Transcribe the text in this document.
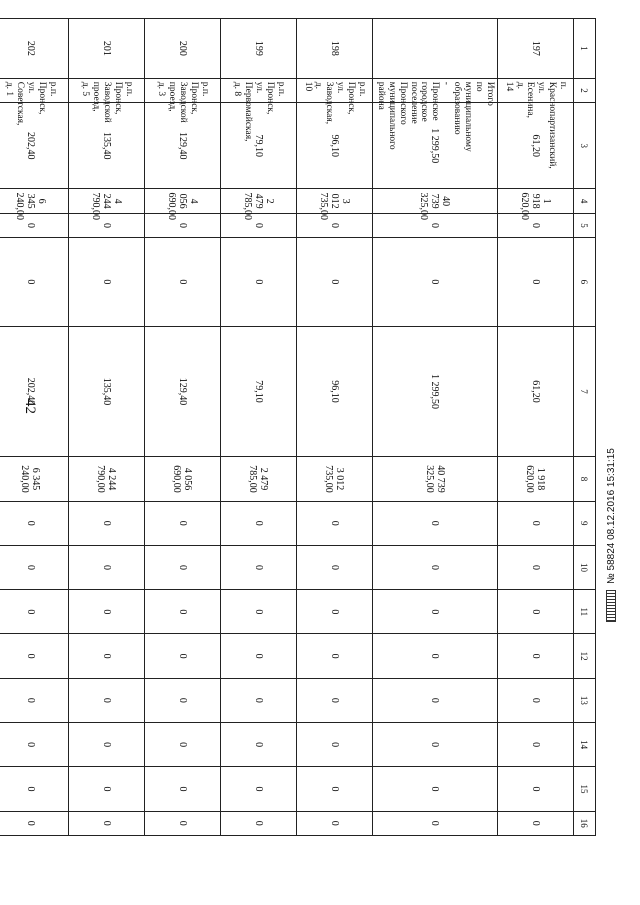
42
1	2	3	4	5	6	7	8	9	10	11	12	13	14	15	16
197	п. Краснопартизанский, ул. Есенина, д. 14	61,20	1 918 620,00	0	0	61,20	1 918 620,00	0	0	0	0	0	0	0	0
	Итого по муниципальному образованию - Пронское городское поселение Пронского муниципального района	1 299,50	40 739 325,00	0	0	1 299,50	40 739 325,00	0	0	0	0	0	0	0	0
198	р.п. Пронск, ул. Заводская, д. 10	96,10	3 012 735,00	0	0	96,10	3 012 735,00	0	0	0	0	0	0	0	0
199	р.п. Пронск, ул. Первомайская, д. 8	79,10	2 479 785,00	0	0	79,10	2 479 785,00	0	0	0	0	0	0	0	0
200	р.п. Пронск, Заводской проезд, д. 3	129,40	4 056 690,00	0	0	129,40	4 056 690,00	0	0	0	0	0	0	0	0
201	р.п. Пронск, Заводской проезд, д. 5	135,40	4 244 790,00	0	0	135,40	4 244 790,00	0	0	0	0	0	0	0	0
202	р.п. Пронск, ул. Советская, д. 1	202,40	6 345 240,00	0	0	202,40	6 345 240,00	0	0	0	0	0	0	0	0
№ 58824 08.12.2016 15:31:15
